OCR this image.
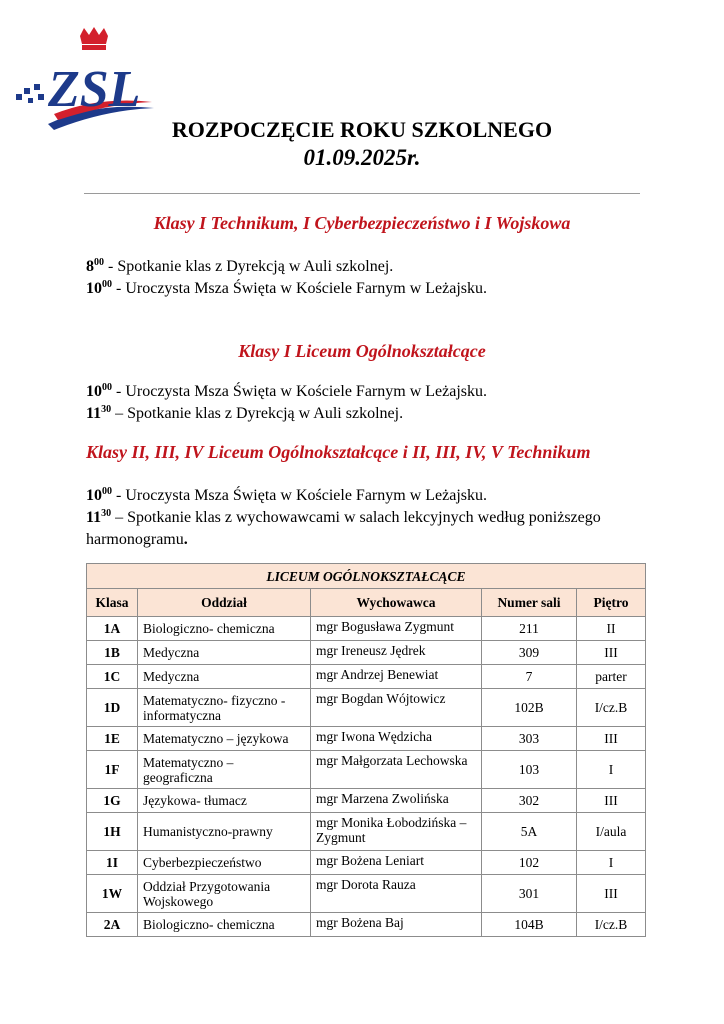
ZSL
ROZPOCZĘCIE ROKU SZKOLNEGO
01.09.2025r.
Klasy I Technikum, I Cyberbezpieczeństwo i I Wojskowa
$8^{00}$ - Spotkanie klas z Dyrekcją w Auli szkolnej.
$10^{00}$ - Uroczysta Msza Święta w Kościele Farnym w Leżajsku.
Klasy I Liceum Ogólnokształcące
$10^{00}$ - Uroczysta Msza Święta w Kościele Farnym w Leżajsku.
$11^{30}$ – Spotkanie klas z Dyrekcją w Auli szkolnej.
Klasy II, III, IV Liceum Ogólnokształcące i II, III, IV, V Technikum
$10^{00}$ - Uroczysta Msza Święta w Kościele Farnym w Leżajsku.
$11^{30}$ – Spotkanie klas z wychowawcami w salach lekcyjnych według poniższego harmonogramu.
LICEUM OGÓLNOKSZTAŁCĄCE				
Klasa	Oddział	Wychowawca	Numer sali	Piętro
1A	Biologiczno- chemiczna	mgr Bogusława Zygmunt	211	II
1B	Medyczna	mgr Ireneusz Jędrek	309	III
1C	Medyczna	mgr Andrzej Benewiat	7	parter
1D	Matematyczno- fizyczno - informatyczna	mgr Bogdan Wójtowicz	102B	I/cz.B
1E	Matematyczno – językowa	mgr Iwona Wędzicha	303	III
1F	Matematyczno – geograficzna	mgr Małgorzata Lechowska	103	I
1G	Językowa- tłumacz	mgr Marzena Zwolińska	302	III
1H	Humanistyczno-prawny	mgr Monika Łobodzińska – Zygmunt	5A	I/aula
1I	Cyberbezpieczeństwo	mgr Bożena Leniart	102	I
1W	Oddział Przygotowania Wojskowego	mgr Dorota Rauza	301	III
2A	Biologiczno- chemiczna	mgr Bożena Baj	104B	I/cz.B
